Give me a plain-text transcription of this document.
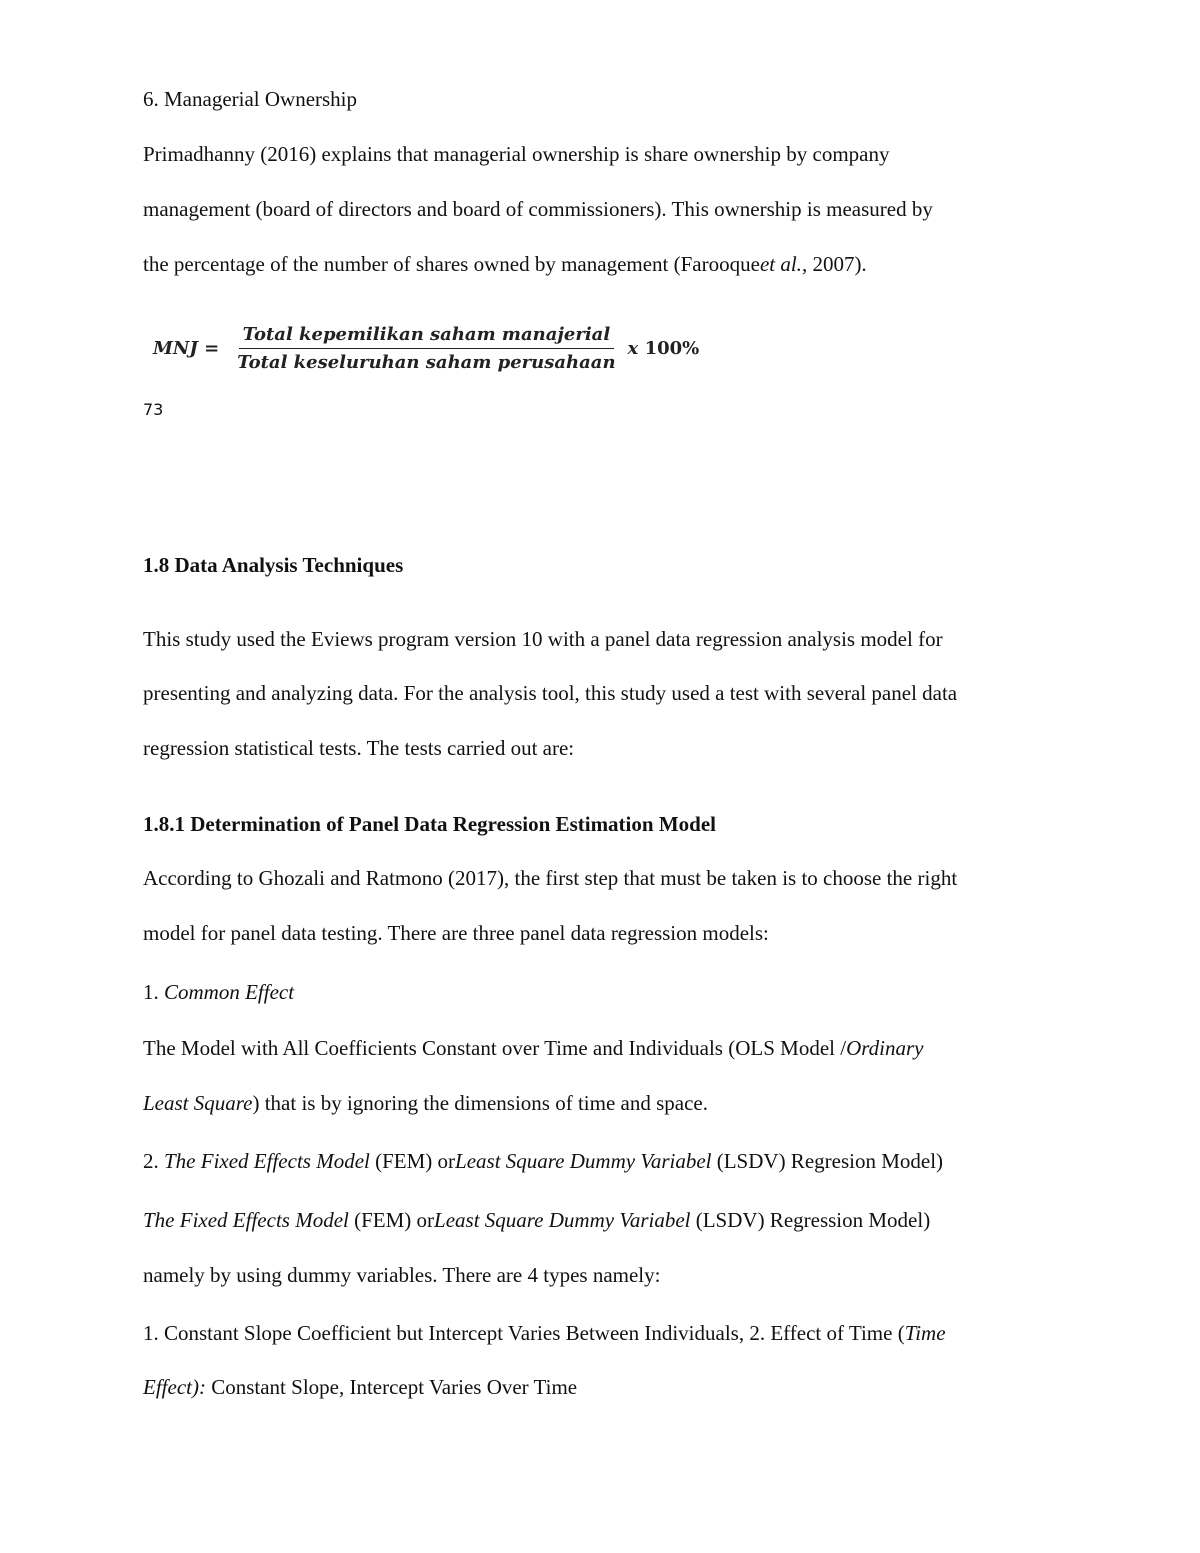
6. Managerial Ownership
Primadhanny (2016) explains that managerial ownership is share ownership by company
management (board of directors and board of commissioners). This ownership is measured by
the percentage of the number of shares owned by management (Farooqueet al., 2007).
MNJ = $\frac{\text{Total kepemilikan saham manajerial}}{\text{Total keseluruhan saham perusahaan}}$ x 100%
73
1.8 Data Analysis Techniques
This study used the Eviews program version 10 with a panel data regression analysis model for
presenting and analyzing data. For the analysis tool, this study used a test with several panel data
regression statistical tests. The tests carried out are:
1.8.1 Determination of Panel Data Regression Estimation Model
According to Ghozali and Ratmono (2017), the first step that must be taken is to choose the right
model for panel data testing. There are three panel data regression models:
1. Common Effect
The Model with All Coefficients Constant over Time and Individuals (OLS Model /Ordinary
Least Square) that is by ignoring the dimensions of time and space.
2. The Fixed Effects Model (FEM) orLeast Square Dummy Variabel (LSDV) Regresion Model)
The Fixed Effects Model (FEM) orLeast Square Dummy Variabel (LSDV) Regression Model)
namely by using dummy variables. There are 4 types namely:
1. Constant Slope Coefficient but Intercept Varies Between Individuals, 2. Effect of Time (Time
Effect): Constant Slope, Intercept Varies Over Time
